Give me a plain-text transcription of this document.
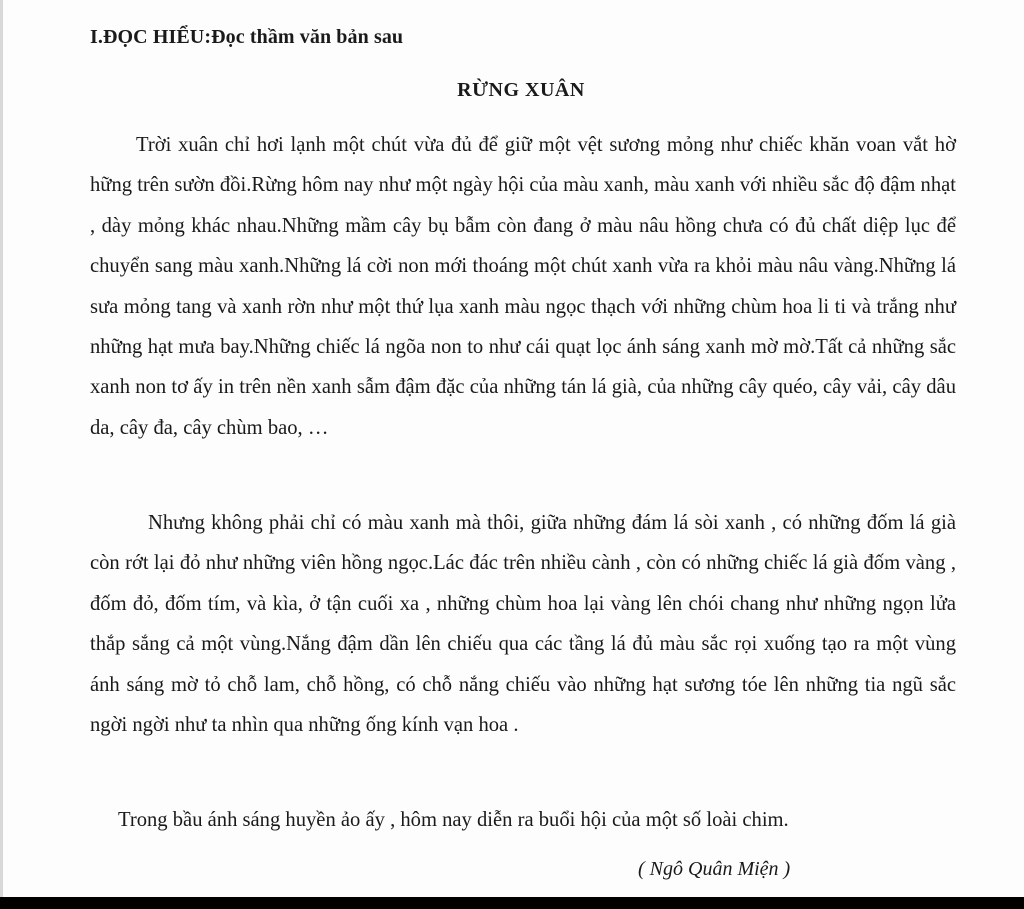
I.ĐỌC HIỂU:Đọc thầm văn bản sau
RỪNG XUÂN

Trời xuân chỉ hơi lạnh một chút vừa đủ để giữ một vệt sương mỏng như chiếc khăn voan vắt hờ hững trên sườn đồi.Rừng hôm nay như một ngày hội của màu xanh, màu xanh với nhiều sắc độ đậm nhạt , dày mỏng khác nhau.Những mầm cây bụ bẫm còn đang ở màu nâu hồng chưa có đủ chất diệp lục để chuyển sang màu xanh.Những lá cời non mới thoáng một chút xanh vừa ra khỏi màu nâu vàng.Những lá sưa mỏng tang và xanh rờn như một thứ lụa xanh màu ngọc thạch với những chùm hoa li ti và trắng như những hạt mưa bay.Những chiếc lá ngõa non to như cái quạt lọc ánh sáng xanh mờ mờ.Tất cả những sắc xanh non tơ ấy in trên nền xanh sẫm đậm đặc của những tán lá già, của những cây quéo, cây vải, cây dâu da, cây đa, cây chùm bao, …

Nhưng không phải chỉ có màu xanh mà thôi, giữa những đám lá sòi xanh , có những đốm lá già còn rớt lại đỏ như những viên hồng ngọc.Lác đác trên nhiều cành , còn có những chiếc lá già đốm vàng , đốm đỏ, đốm tím, và kìa, ở tận cuối xa , những chùm hoa lại vàng lên chói chang như những ngọn lửa thắp sắng cả một vùng.Nắng đậm dần lên chiếu qua các tầng lá đủ màu sắc rọi xuống tạo ra một vùng ánh sáng mờ tỏ chỗ lam, chỗ hồng, có chỗ nắng chiếu vào những hạt sương tóe lên những tia ngũ sắc ngời ngời như ta nhìn qua những ống kính vạn hoa .

Trong bầu ánh sáng huyền ảo ấy , hôm nay diễn ra buổi hội của một số loài chim.

( Ngô Quân Miện )
